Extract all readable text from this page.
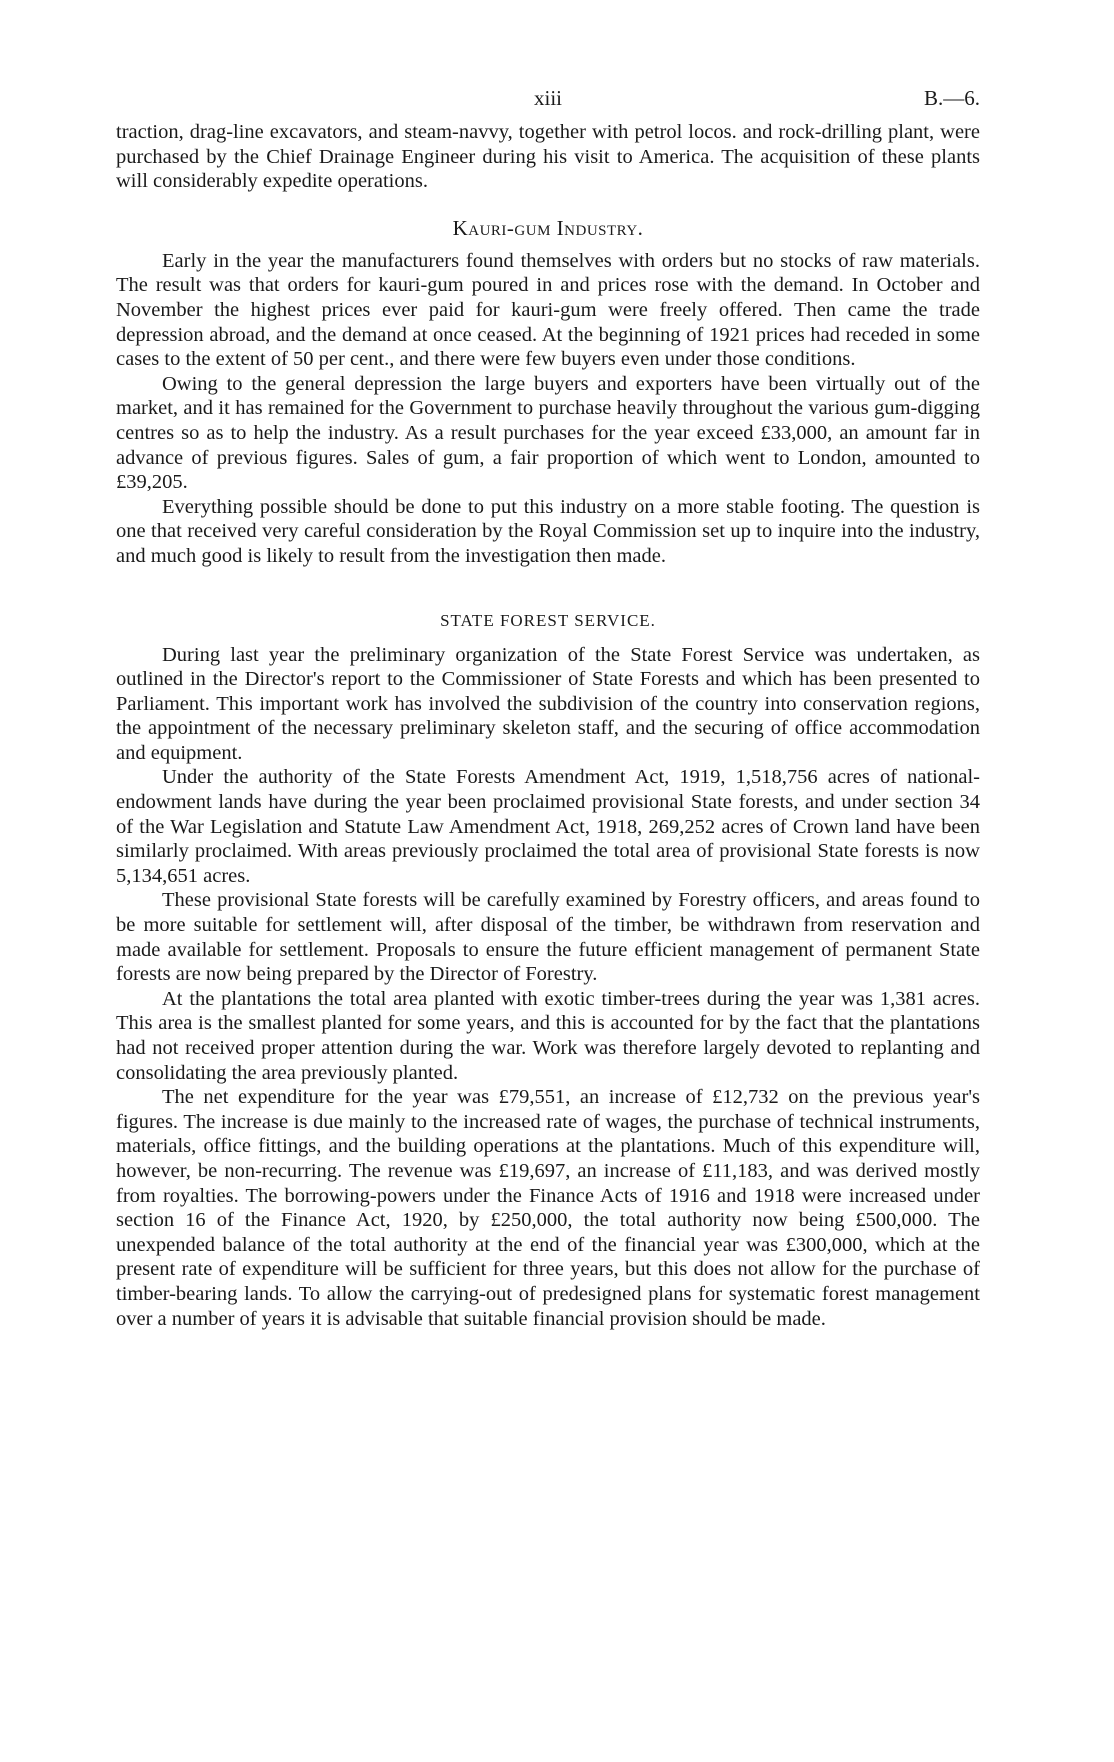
xiii	B.—6.

traction, drag-line excavators, and steam-navvy, together with petrol locos. and rock-drilling plant, were purchased by the Chief Drainage Engineer during his visit to America. The acquisition of these plants will considerably expedite operations.

Kauri-gum Industry.

Early in the year the manufacturers found themselves with orders but no stocks of raw materials. The result was that orders for kauri-gum poured in and prices rose with the demand. In October and November the highest prices ever paid for kauri-gum were freely offered. Then came the trade depression abroad, and the demand at once ceased. At the beginning of 1921 prices had receded in some cases to the extent of 50 per cent., and there were few buyers even under those conditions.

Owing to the general depression the large buyers and exporters have been virtually out of the market, and it has remained for the Government to purchase heavily throughout the various gum-digging centres so as to help the industry. As a result purchases for the year exceed £33,000, an amount far in advance of previous figures. Sales of gum, a fair proportion of which went to London, amounted to £39,205.

Everything possible should be done to put this industry on a more stable footing. The question is one that received very careful consideration by the Royal Commission set up to inquire into the industry, and much good is likely to result from the investigation then made.

STATE FOREST SERVICE.

During last year the preliminary organization of the State Forest Service was undertaken, as outlined in the Director's report to the Commissioner of State Forests and which has been presented to Parliament. This important work has involved the subdivision of the country into conservation regions, the appointment of the necessary preliminary skeleton staff, and the securing of office accommodation and equipment.

Under the authority of the State Forests Amendment Act, 1919, 1,518,756 acres of national-endowment lands have during the year been proclaimed provisional State forests, and under section 34 of the War Legislation and Statute Law Amendment Act, 1918, 269,252 acres of Crown land have been similarly proclaimed. With areas previously proclaimed the total area of provisional State forests is now 5,134,651 acres.

These provisional State forests will be carefully examined by Forestry officers, and areas found to be more suitable for settlement will, after disposal of the timber, be withdrawn from reservation and made available for settlement. Proposals to ensure the future efficient management of permanent State forests are now being prepared by the Director of Forestry.

At the plantations the total area planted with exotic timber-trees during the year was 1,381 acres. This area is the smallest planted for some years, and this is accounted for by the fact that the plantations had not received proper attention during the war. Work was therefore largely devoted to replanting and consolidating the area previously planted.

The net expenditure for the year was £79,551, an increase of £12,732 on the previous year's figures. The increase is due mainly to the increased rate of wages, the purchase of technical instruments, materials, office fittings, and the building operations at the plantations. Much of this expenditure will, however, be non-recurring. The revenue was £19,697, an increase of £11,183, and was derived mostly from royalties. The borrowing-powers under the Finance Acts of 1916 and 1918 were increased under section 16 of the Finance Act, 1920, by £250,000, the total authority now being £500,000. The unexpended balance of the total authority at the end of the financial year was £300,000, which at the present rate of expenditure will be sufficient for three years, but this does not allow for the purchase of timber-bearing lands. To allow the carrying-out of predesigned plans for systematic forest management over a number of years it is advisable that suitable financial provision should be made.
